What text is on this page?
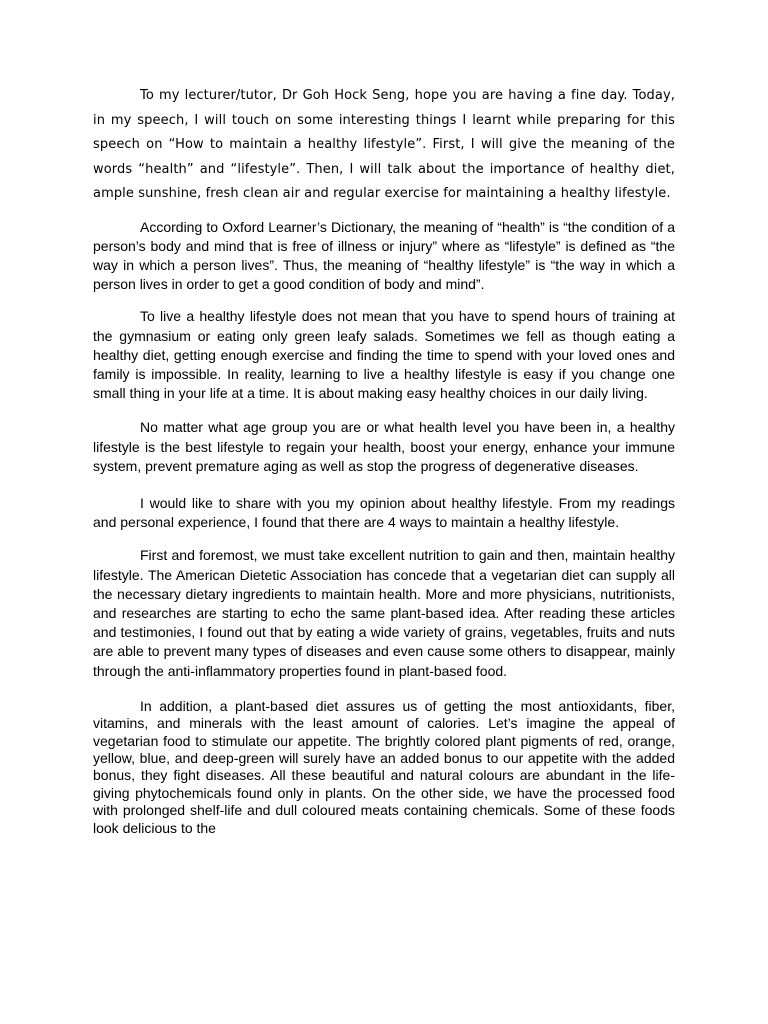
To my lecturer/tutor, Dr Goh Hock Seng, hope you are having a fine day. Today, in my speech, I will touch on some interesting things I learnt while preparing for this speech on “How to maintain a healthy lifestyle”. First, I will give the meaning of the words “health” and “lifestyle”. Then, I will talk about the importance of healthy diet, ample sunshine, fresh clean air and regular exercise for maintaining a healthy lifestyle.

According to Oxford Learner’s Dictionary, the meaning of “health” is “the condition of a person’s body and mind that is free of illness or injury” where as “lifestyle” is defined as “the way in which a person lives”. Thus, the meaning of “healthy lifestyle” is “the way in which a person lives in order to get a good condition of body and mind”.

To live a healthy lifestyle does not mean that you have to spend hours of training at the gymnasium or eating only green leafy salads. Sometimes we fell as though eating a healthy diet, getting enough exercise and finding the time to spend with your loved ones and family is impossible. In reality, learning to live a healthy lifestyle is easy if you change one small thing in your life at a time. It is about making easy healthy choices in our daily living.

No matter what age group you are or what health level you have been in, a healthy lifestyle is the best lifestyle to regain your health, boost your energy, enhance your immune system, prevent premature aging as well as stop the progress of degenerative diseases.

I would like to share with you my opinion about healthy lifestyle. From my readings and personal experience, I found that there are 4 ways to maintain a healthy lifestyle.

First and foremost, we must take excellent nutrition to gain and then, maintain healthy lifestyle. The American Dietetic Association has concede that a vegetarian diet can supply all the necessary dietary ingredients to maintain health. More and more physicians, nutritionists, and researches are starting to echo the same plant-based idea. After reading these articles and testimonies, I found out that by eating a wide variety of grains, vegetables, fruits and nuts are able to prevent many types of diseases and even cause some others to disappear, mainly through the anti-inflammatory properties found in plant-based food.

In addition, a plant-based diet assures us of getting the most antioxidants, fiber, vitamins, and minerals with the least amount of calories. Let’s imagine the appeal of vegetarian food to stimulate our appetite. The brightly colored plant pigments of red, orange, yellow, blue, and deep-green will surely have an added bonus to our appetite with the added bonus, they fight diseases. All these beautiful and natural colours are abundant in the life-giving phytochemicals found only in plants. On the other side, we have the processed food with prolonged shelf-life and dull coloured meats containing chemicals. Some of these foods look delicious to the
